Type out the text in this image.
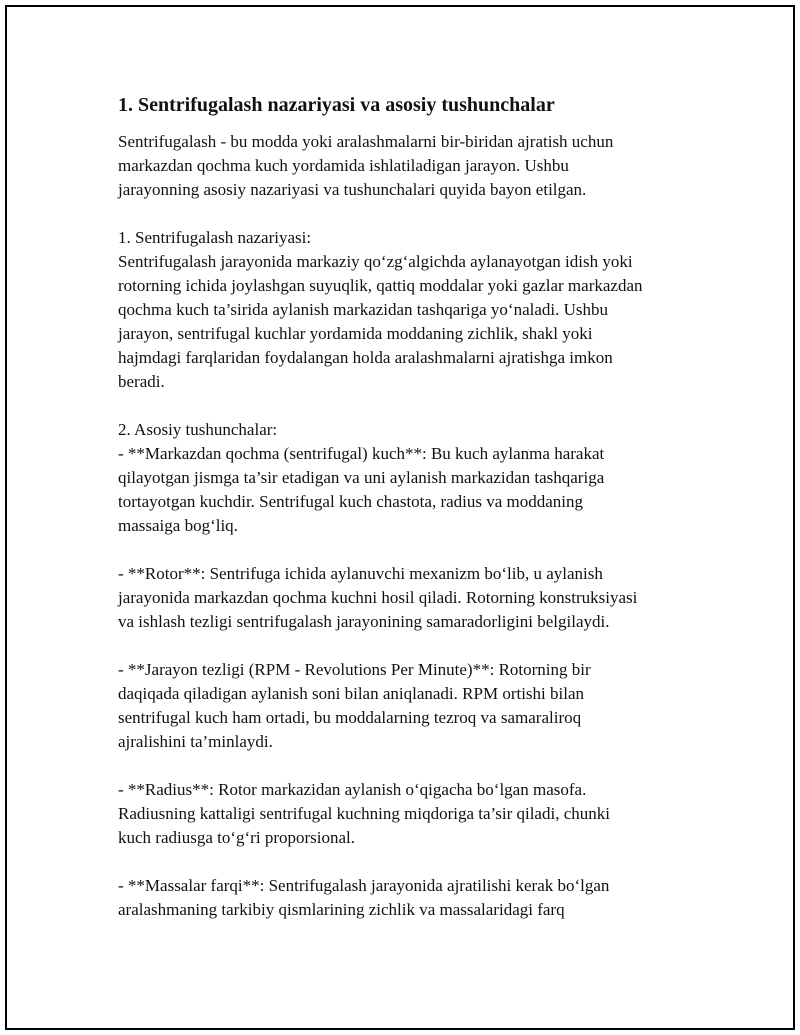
1. Sentrifugalash nazariyasi va asosiy tushunchalar

Sentrifugalash - bu modda yoki aralashmalarni bir-biridan ajratish uchun
markazdan qochma kuch yordamida ishlatiladigan jarayon. Ushbu
jarayonning asosiy nazariyasi va tushunchalari quyida bayon etilgan.

1. Sentrifugalash nazariyasi:
Sentrifugalash jarayonida markaziy qo‘zg‘algichda aylanayotgan idish yoki
rotorning ichida joylashgan suyuqlik, qattiq moddalar yoki gazlar markazdan
qochma kuch ta’sirida aylanish markazidan tashqariga yo‘naladi. Ushbu
jarayon, sentrifugal kuchlar yordamida moddaning zichlik, shakl yoki
hajmdagi farqlaridan foydalangan holda aralashmalarni ajratishga imkon
beradi.

2. Asosiy tushunchalar:
- **Markazdan qochma (sentrifugal) kuch**: Bu kuch aylanma harakat
qilayotgan jismga ta’sir etadigan va uni aylanish markazidan tashqariga
tortayotgan kuchdir. Sentrifugal kuch chastota, radius va moddaning
massaiga bog‘liq.

- **Rotor**: Sentrifuga ichida aylanuvchi mexanizm bo‘lib, u aylanish
jarayonida markazdan qochma kuchni hosil qiladi. Rotorning konstruksiyasi
va ishlash tezligi sentrifugalash jarayonining samaradorligini belgilaydi.

- **Jarayon tezligi (RPM - Revolutions Per Minute)**: Rotorning bir
daqiqada qiladigan aylanish soni bilan aniqlanadi. RPM ortishi bilan
sentrifugal kuch ham ortadi, bu moddalarning tezroq va samaraliroq
ajralishini ta’minlaydi.

- **Radius**: Rotor markazidan aylanish o‘qigacha bo‘lgan masofa.
Radiusning kattaligi sentrifugal kuchning miqdoriga ta’sir qiladi, chunki
kuch radiusga to‘g‘ri proporsional.

- **Massalar farqi**: Sentrifugalash jarayonida ajratilishi kerak bo‘lgan
aralashmaning tarkibiy qismlarining zichlik va massalaridagi farq
